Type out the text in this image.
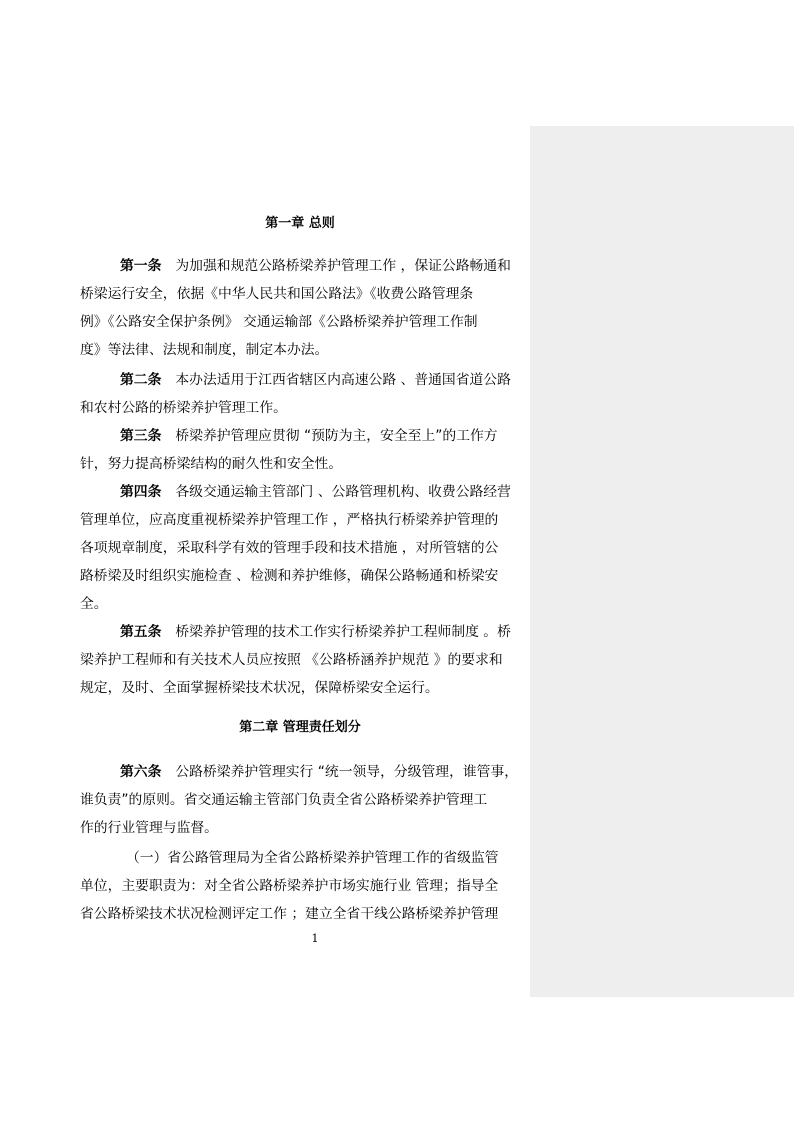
第一章 总则
第一条 为加强和规范公路桥梁养护管理工作 ，保证公路畅通和
桥梁运行安全，依据《中华人民共和国公路法》《收费公路管理条
例》《公路安全保护条例》 交通运输部《公路桥梁养护管理工作制
度》等法律、法规和制度，制定本办法。
第二条 本办法适用于江西省辖区内高速公路 、普通国省道公路
和农村公路的桥梁养护管理工作。
第三条 桥梁养护管理应贯彻 “预防为主，安全至上”的工作方
针，努力提高桥梁结构的耐久性和安全性。
第四条 各级交通运输主管部门 、公路管理机构、收费公路经营
管理单位，应高度重视桥梁养护管理工作 ，严格执行桥梁养护管理的
各项规章制度，采取科学有效的管理手段和技术措施 ，对所管辖的公
路桥梁及时组织实施检查 、检测和养护维修，确保公路畅通和桥梁安
全。
第五条 桥梁养护管理的技术工作实行桥梁养护工程师制度 。桥
梁养护工程师和有关技术人员应按照 《公路桥涵养护规范 》的要求和
规定，及时、全面掌握桥梁技术状况，保障桥梁安全运行。
第二章 管理责任划分
第六条 公路桥梁养护管理实行 “统一领导，分级管理，谁管事，
谁负责”的原则。省交通运输主管部门负责全省公路桥梁养护管理工
作的行业管理与监督。
（一）省公路管理局为全省公路桥梁养护管理工作的省级监管
单位，主要职责为：对全省公路桥梁养护市场实施行业 管理；指导全
省公路桥梁技术状况检测评定工作 ；建立全省干线公路桥梁养护管理
1
